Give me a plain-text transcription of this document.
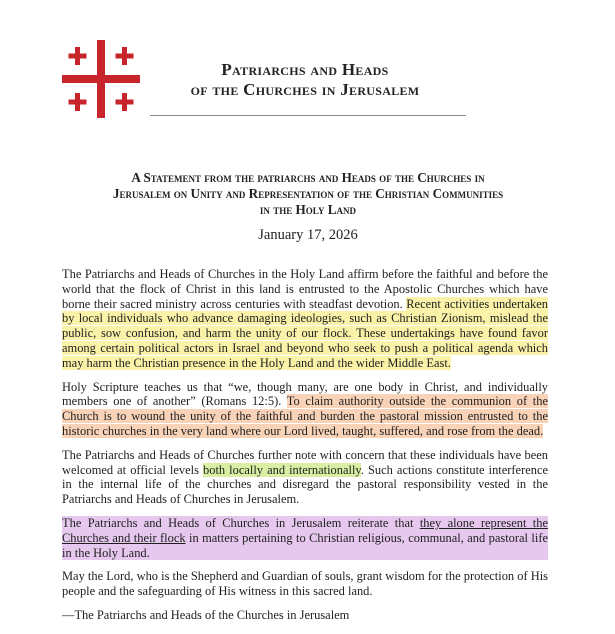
Patriarchs and Heads
of the Churches in Jerusalem
A Statement from the patriarchs and Heads of the Churches in
Jerusalem on Unity and Representation of the Christian Communities
in the Holy Land
January 17, 2026

The Patriarchs and Heads of Churches in the Holy Land affirm before the faithful and before the world that the flock of Christ in this land is entrusted to the Apostolic Churches which have borne their sacred ministry across centuries with steadfast devotion. Recent activities undertaken by local individuals who advance damaging ideologies, such as Christian Zionism, mislead the public, sow confusion, and harm the unity of our flock. These undertakings have found favor among certain political actors in Israel and beyond who seek to push a political agenda which may harm the Christian presence in the Holy Land and the wider Middle East.

Holy Scripture teaches us that “we, though many, are one body in Christ, and individually members one of another” (Romans 12:5). To claim authority outside the communion of the Church is to wound the unity of the faithful and burden the pastoral mission entrusted to the historic churches in the very land where our Lord lived, taught, suffered, and rose from the dead.

The Patriarchs and Heads of Churches further note with concern that these individuals have been welcomed at official levels both locally and internationally. Such actions constitute interference in the internal life of the churches and disregard the pastoral responsibility vested in the Patriarchs and Heads of Churches in Jerusalem.

The Patriarchs and Heads of Churches in Jerusalem reiterate that they alone represent the Churches and their flock in matters pertaining to Christian religious, communal, and pastoral life in the Holy Land.

May the Lord, who is the Shepherd and Guardian of souls, grant wisdom for the protection of His people and the safeguarding of His witness in this sacred land.

—The Patriarchs and Heads of the Churches in Jerusalem
